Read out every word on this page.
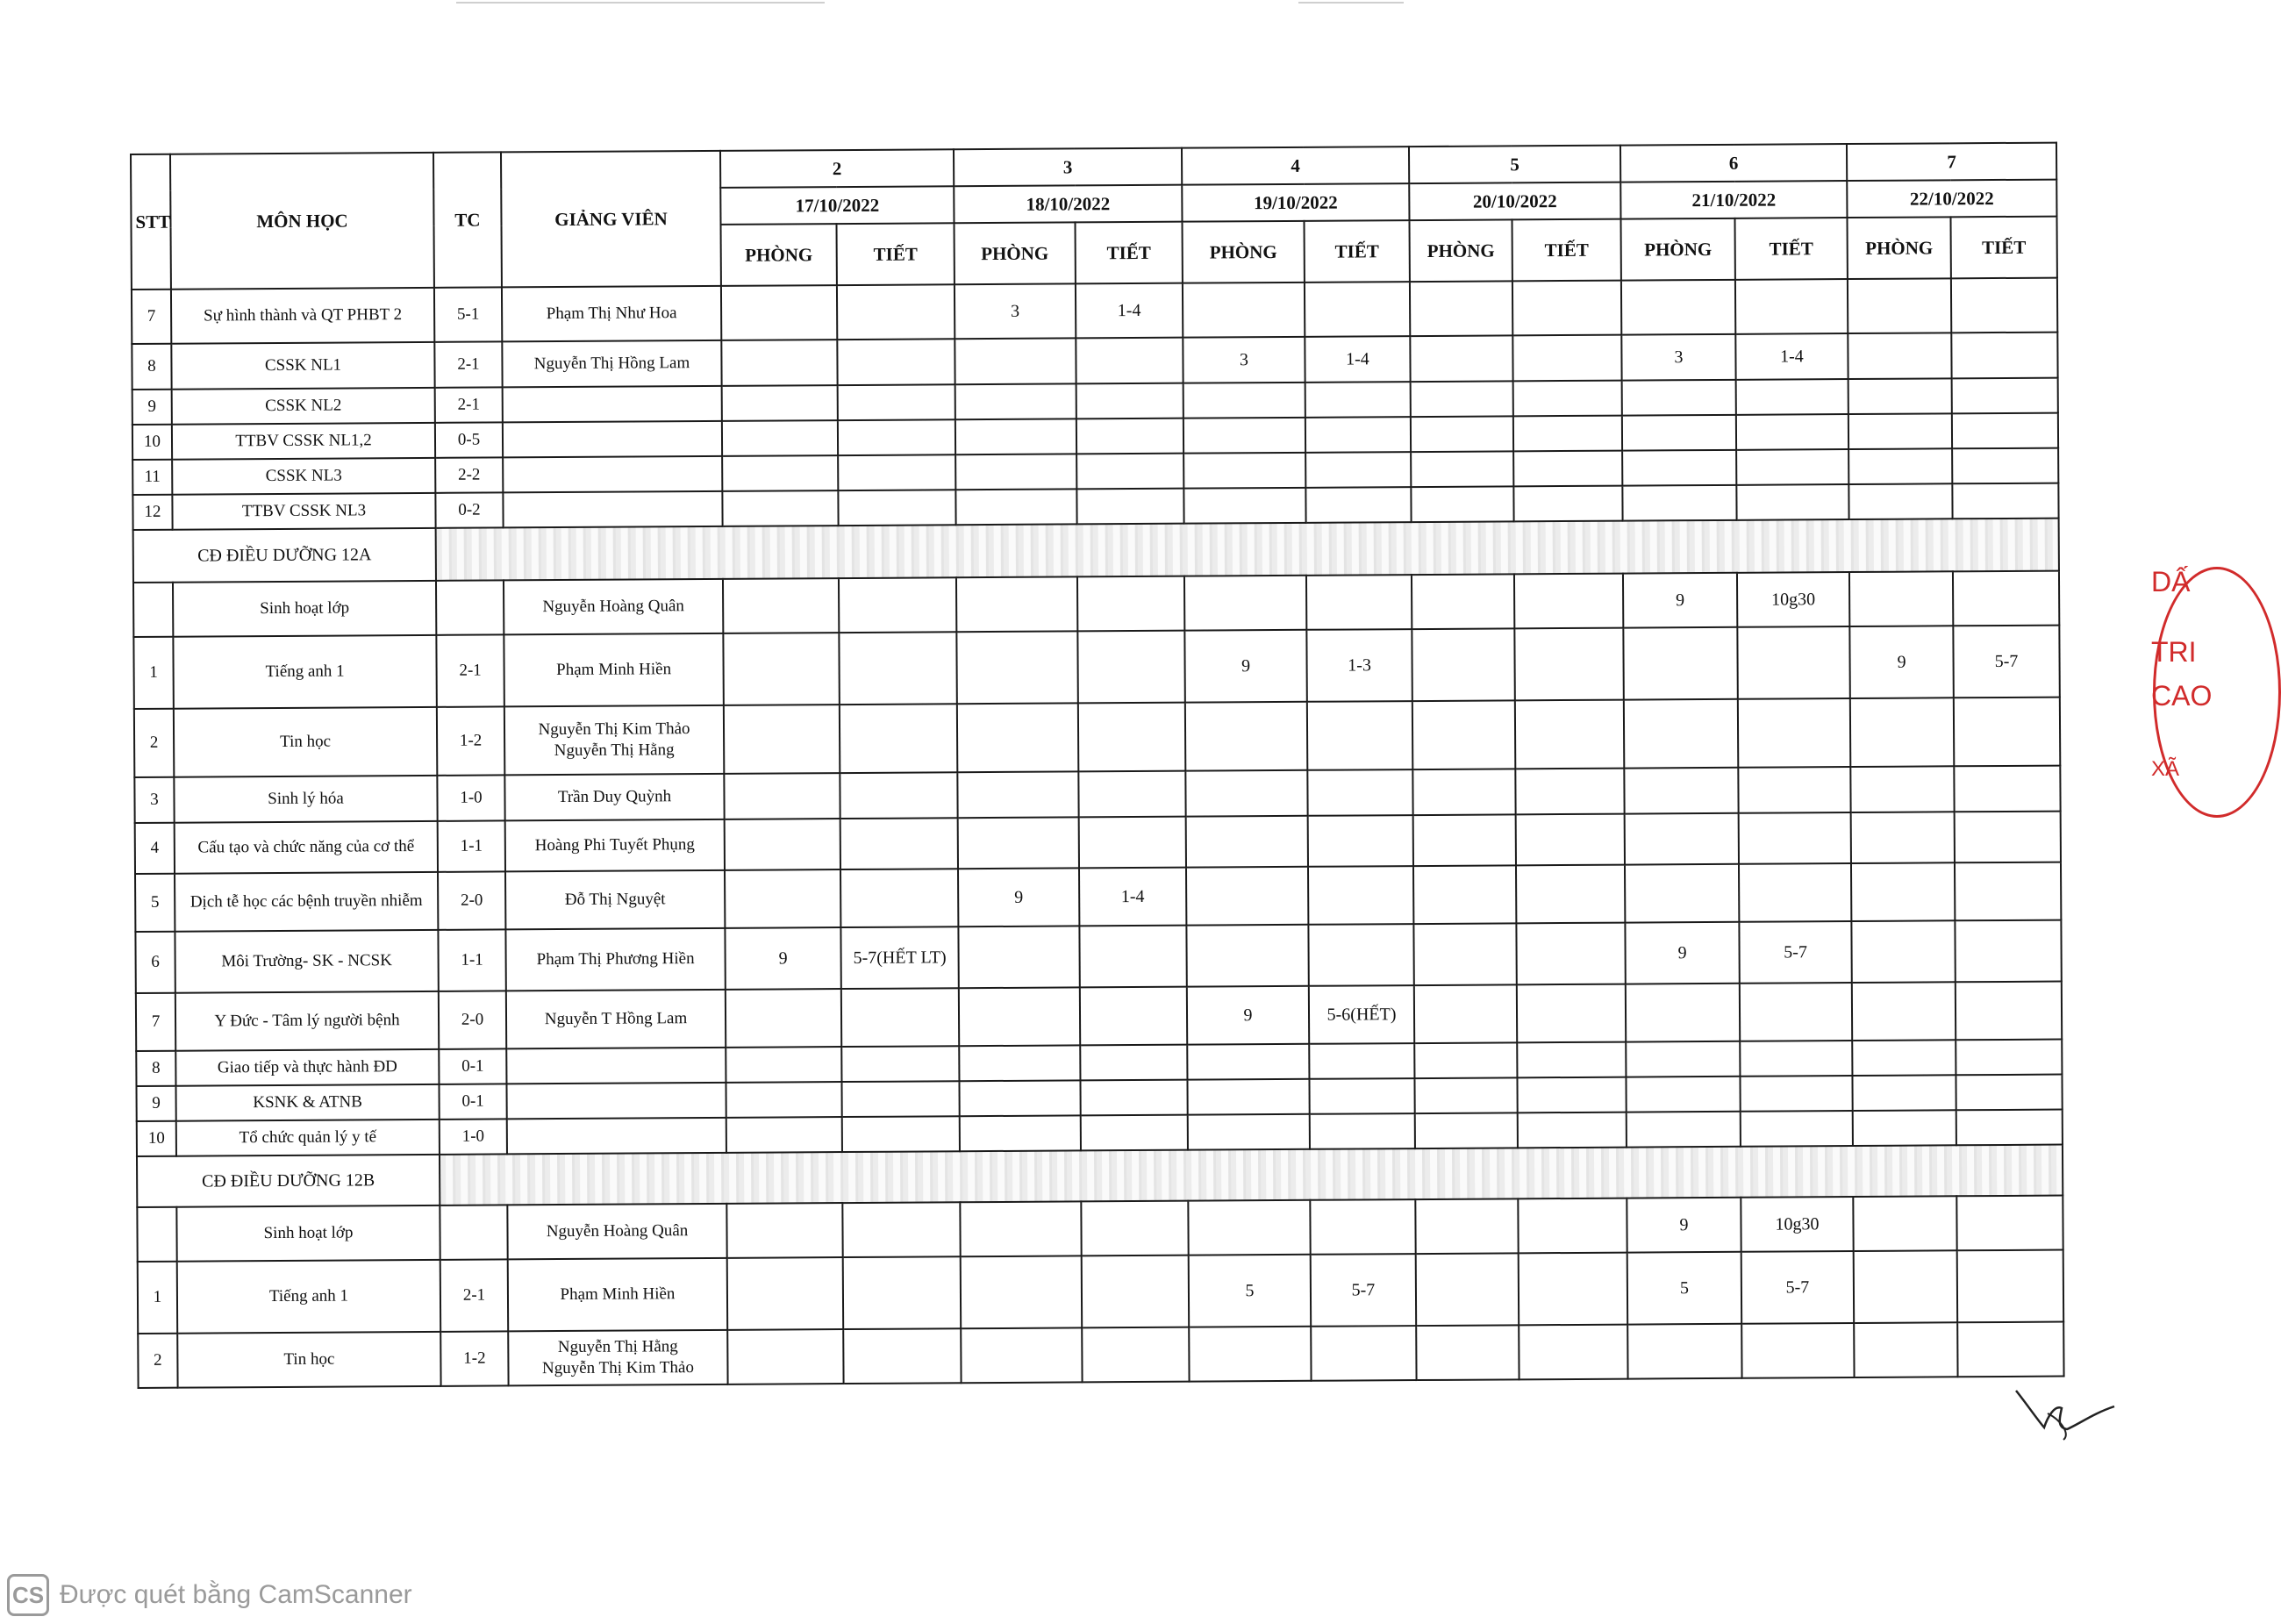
STT	MÔN HỌC	TC	GIẢNG VIÊN	2		3		4		5		6		7	
				17/10/2022		18/10/2022		19/10/2022		20/10/2022		21/10/2022		22/10/2022	
				PHÒNG	TIẾT	PHÒNG	TIẾT	PHÒNG	TIẾT	PHÒNG	TIẾT	PHÒNG	TIẾT	PHÒNG	TIẾT
7	Sự hình thành và QT PHBT 2	5-1	Phạm Thị Như Hoa			3	1-4								
8	CSSK NL1	2-1	Nguyễn Thị Hồng Lam					3	1-4			3	1-4		
9	CSSK NL2	2-1													
10	TTBV CSSK NL1,2	0-5													
11	CSSK NL3	2-2													
12	TTBV CSSK NL3	0-2													
CĐ ĐIỀU DƯỠNG 12A															
	Sinh hoạt lớp		Nguyễn Hoàng Quân									9	10g30		
1	Tiếng anh 1	2-1	Phạm Minh Hiền					9	1-3					9	5-7
2	Tin học	1-2	Nguyễn Thị Kim Thảo
Nguyễn Thị Hằng												

3	Sinh lý hóa	1-0	Trần Duy Quỳnh												
4	Cấu tạo và chức năng của cơ thể	1-1	Hoàng Phi Tuyết Phụng												
5	Dịch tễ học các bệnh truyền nhiễm	2-0	Đỗ Thị Nguyệt			9	1-4								
6	Môi Trường- SK - NCSK	1-1	Phạm Thị Phương Hiền	9	5-7(HẾT LT)							9	5-7		
7	Y Đức - Tâm lý người bệnh	2-0	Nguyễn T Hồng Lam					9	5-6(HẾT)						
8	Giao tiếp và thực hành ĐD	0-1													
9	KSNK & ATNB	0-1													
10	Tổ chức quản lý y tế	1-0													
CĐ ĐIỀU DƯỠNG 12B															
	Sinh hoạt lớp		Nguyễn Hoàng Quân									9	10g30		
1	Tiếng anh 1	2-1	Phạm Minh Hiền					5	5-7			5	5-7		
2	Tin học	1-2	Nguyễn Thị Hằng
Nguyễn Thị Kim Thảo												

DẤ
TRI
CAO
XÃ
CS Được quét bằng CamScanner
